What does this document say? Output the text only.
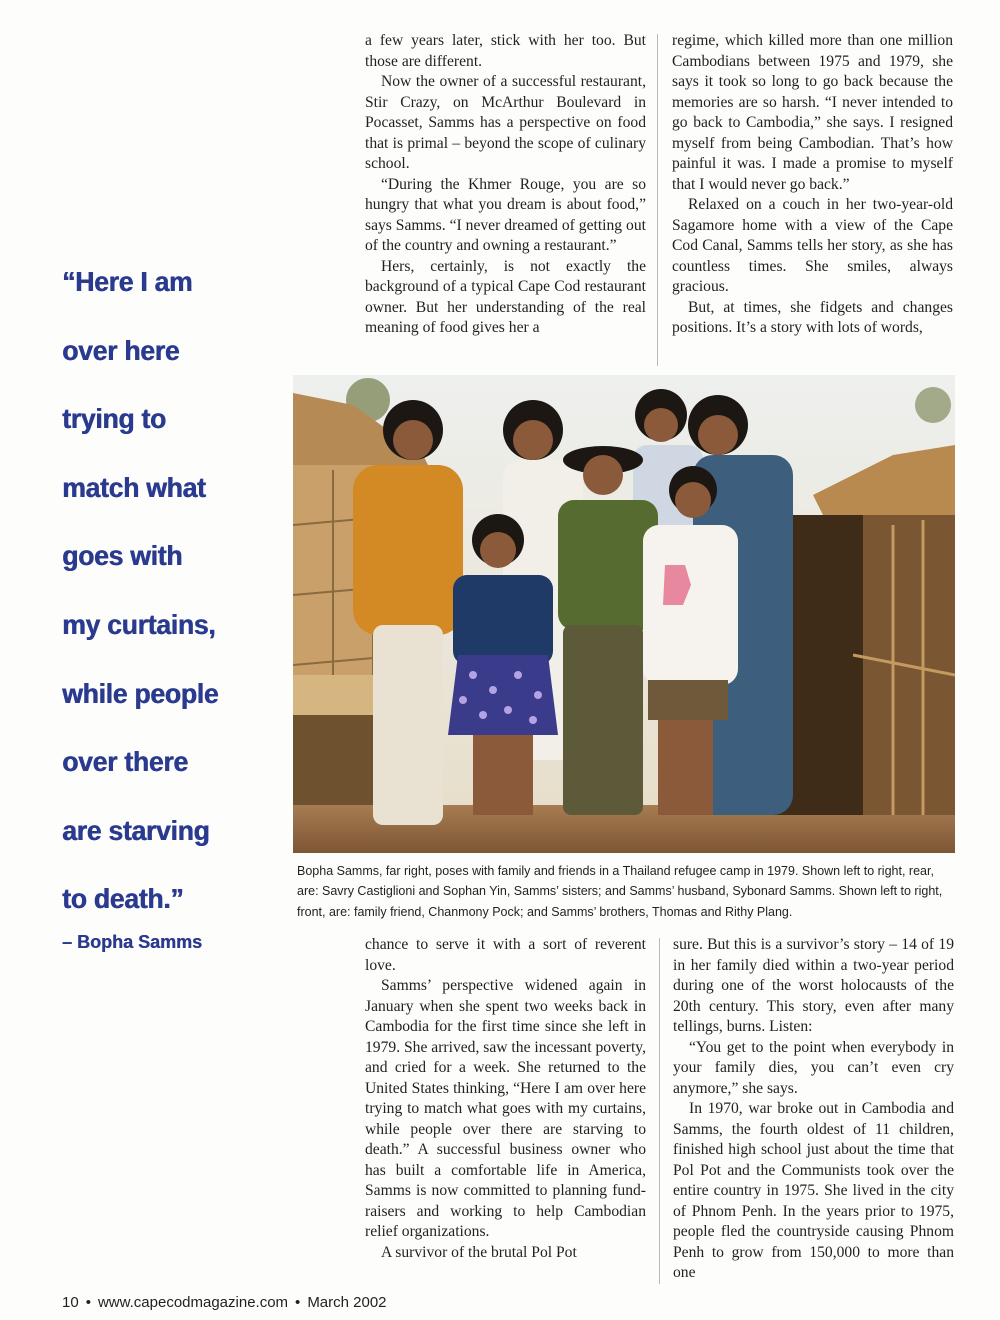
“Here I am
over here
trying to
match what
goes with
my curtains,
while people
over there
are starving
to death.”
– Bopha Samms

a few years later, stick with her too. But those are different.

Now the owner of a successful restaurant, Stir Crazy, on McArthur Boulevard in Pocasset, Samms has a perspective on food that is primal – beyond the scope of culinary school.

“During the Khmer Rouge, you are so hungry that what you dream is about food,” says Samms. “I never dreamed of getting out of the country and owning a restaurant.”

Hers, certainly, is not exactly the background of a typical Cape Cod restaurant owner. But her understanding of the real meaning of food gives her a

regime, which killed more than one million Cambodians between 1975 and 1979, she says it took so long to go back because the memories are so harsh. “I never intended to go back to Cambodia,” she says. I resigned myself from being Cambodian. That’s how painful it was. I made a promise to myself that I would never go back.”

Relaxed on a couch in her two-year-old Sagamore home with a view of the Cape Cod Canal, Samms tells her story, as she has countless times. She smiles, always gracious.

But, at times, she fidgets and changes positions. It’s a story with lots of words,

Bopha Samms, far right, poses with family and friends in a Thailand refugee camp in 1979. Shown left to right, rear, are: Savry Castiglioni and Sophan Yin, Samms’ sisters; and Samms’ husband, Sybonard Samms. Shown left to right, front, are: family friend, Chanmony Pock; and Samms’ brothers, Thomas and Rithy Plang.

chance to serve it with a sort of reverent love.

Samms’ perspective widened again in January when she spent two weeks back in Cambodia for the first time since she left in 1979. She arrived, saw the incessant poverty, and cried for a week. She returned to the United States thinking, “Here I am over here trying to match what goes with my curtains, while people over there are starving to death.” A successful business owner who has built a comfortable life in America, Samms is now committed to planning fund-raisers and working to help Cambodian relief organizations.

A survivor of the brutal Pol Pot

sure. But this is a survivor’s story – 14 of 19 in her family died within a two-year period during one of the worst holocausts of the 20th century. This story, even after many tellings, burns. Listen:

“You get to the point when everybody in your family dies, you can’t even cry anymore,” she says.

In 1970, war broke out in Cambodia and Samms, the fourth oldest of 11 children, finished high school just about the time that Pol Pot and the Communists took over the entire country in 1975. She lived in the city of Phnom Penh. In the years prior to 1975, people fled the countryside causing Phnom Penh to grow from 150,000 to more than one

10 • www.capecodmagazine.com • March 2002
